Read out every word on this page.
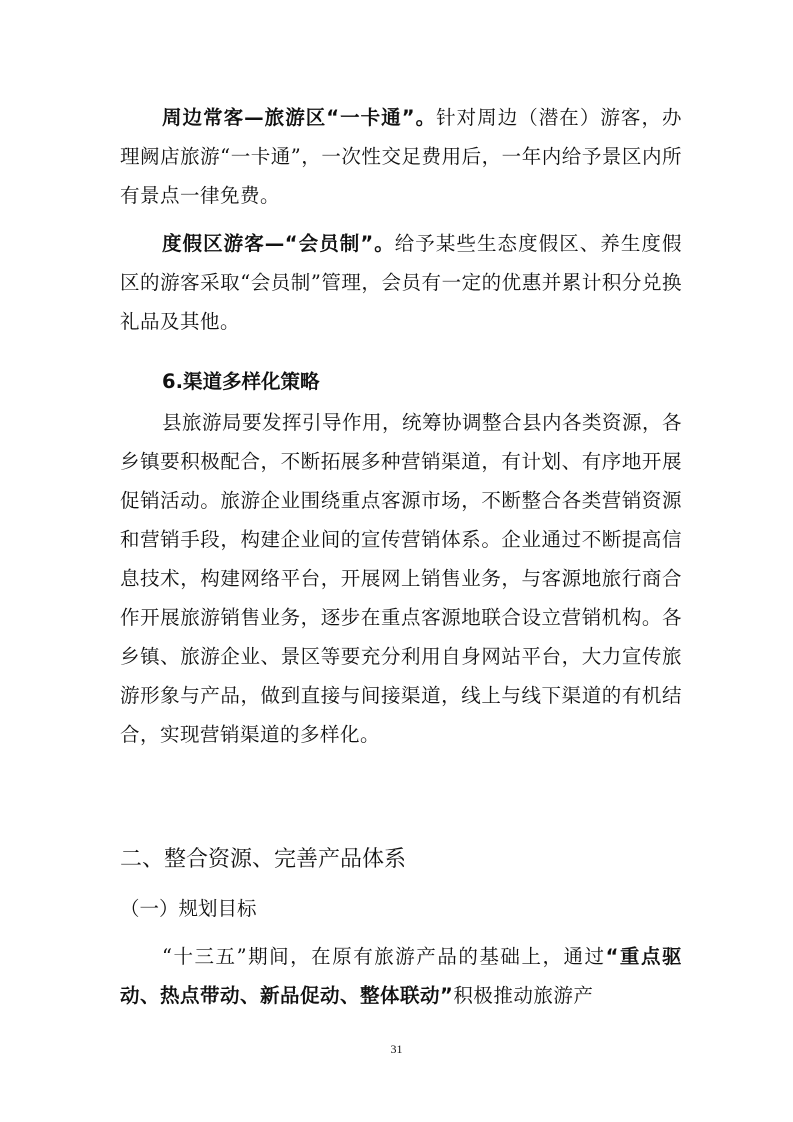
周边常客—旅游区“一卡通”。针对周边（潜在）游客，办理阙店旅游“一卡通”，一次性交足费用后，一年内给予景区内所有景点一律免费。

度假区游客—“会员制”。给予某些生态度假区、养生度假区的游客采取“会员制”管理，会员有一定的优惠并累计积分兑换礼品及其他。

6.渠道多样化策略

县旅游局要发挥引导作用，统筹协调整合县内各类资源，各乡镇要积极配合，不断拓展多种营销渠道，有计划、有序地开展促销活动。旅游企业围绕重点客源市场，不断整合各类营销资源和营销手段，构建企业间的宣传营销体系。企业通过不断提高信息技术，构建网络平台，开展网上销售业务，与客源地旅行商合作开展旅游销售业务，逐步在重点客源地联合设立营销机构。各乡镇、旅游企业、景区等要充分利用自身网站平台，大力宣传旅游形象与产品，做到直接与间接渠道，线上与线下渠道的有机结合，实现营销渠道的多样化。

二、整合资源、完善产品体系
（一）规划目标

“十三五”期间，在原有旅游产品的基础上，通过“重点驱动、热点带动、新品促动、整体联动”积极推动旅游产

31
